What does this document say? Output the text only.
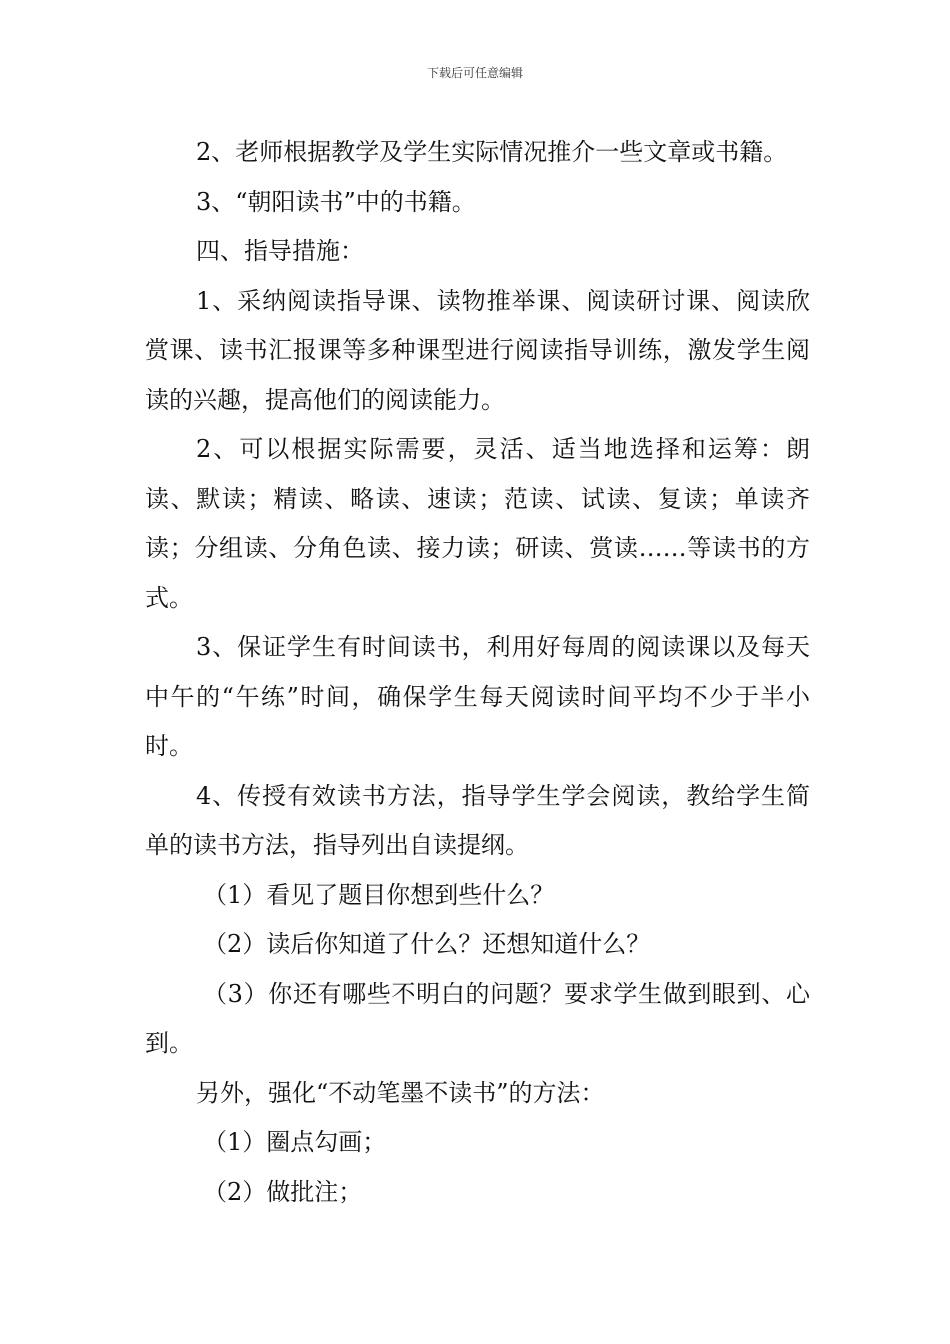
下载后可任意编辑

2、老师根据教学及学生实际情况推介一些文章或书籍。

3、“朝阳读书”中的书籍。

四、指导措施：

1、采纳阅读指导课、读物推举课、阅读研讨课、阅读欣赏课、读书汇报课等多种课型进行阅读指导训练，激发学生阅读的兴趣，提高他们的阅读能力。

2、可以根据实际需要，灵活、适当地选择和运筹：朗读、默读；精读、略读、速读；范读、试读、复读；单读齐读；分组读、分角色读、接力读；研读、赏读……等读书的方式。

3、保证学生有时间读书，利用好每周的阅读课以及每天中午的“午练”时间，确保学生每天阅读时间平均不少于半小时。

4、传授有效读书方法，指导学生学会阅读，教给学生简单的读书方法，指导列出自读提纲。

（1）看见了题目你想到些什么？

（2）读后你知道了什么？还想知道什么？

（3）你还有哪些不明白的问题？要求学生做到眼到、心到。

另外，强化“不动笔墨不读书”的方法：

（1）圈点勾画；

（2）做批注；
